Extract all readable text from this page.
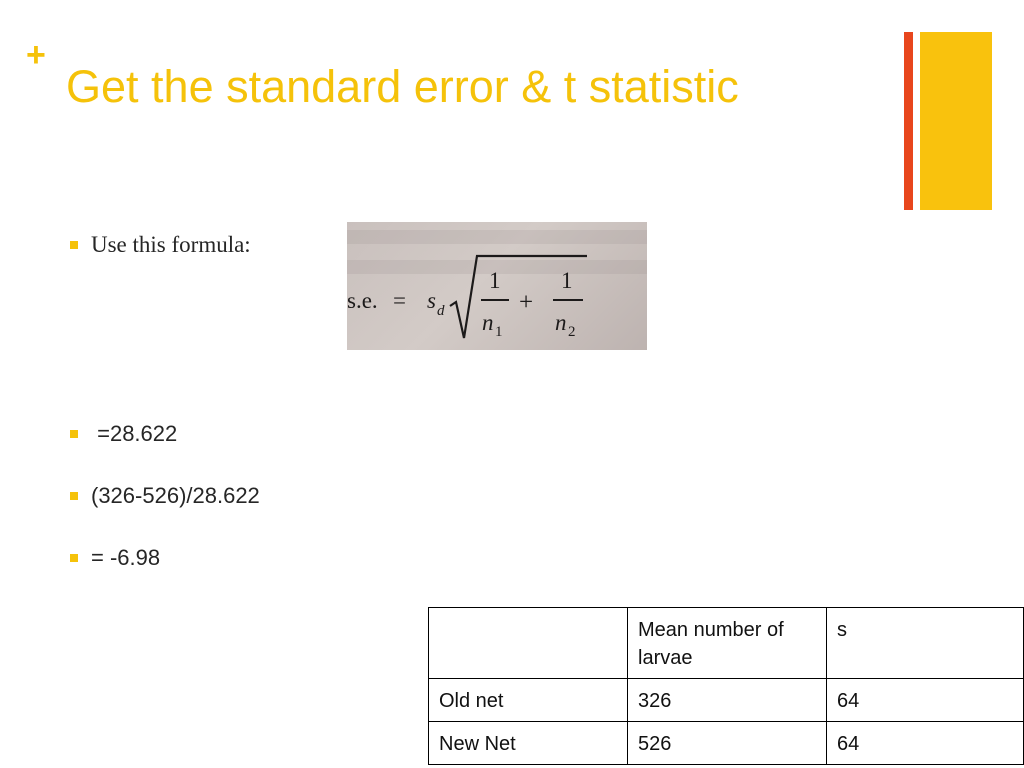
+
Get the standard error & t statistic
Use this formula:
s.e. = s d
1
n 1
+
1
n 2
=28.622
(326-526)/28.622
= -6.98
	Mean number of larvae	s
Old net	326	64
New Net	526	64
